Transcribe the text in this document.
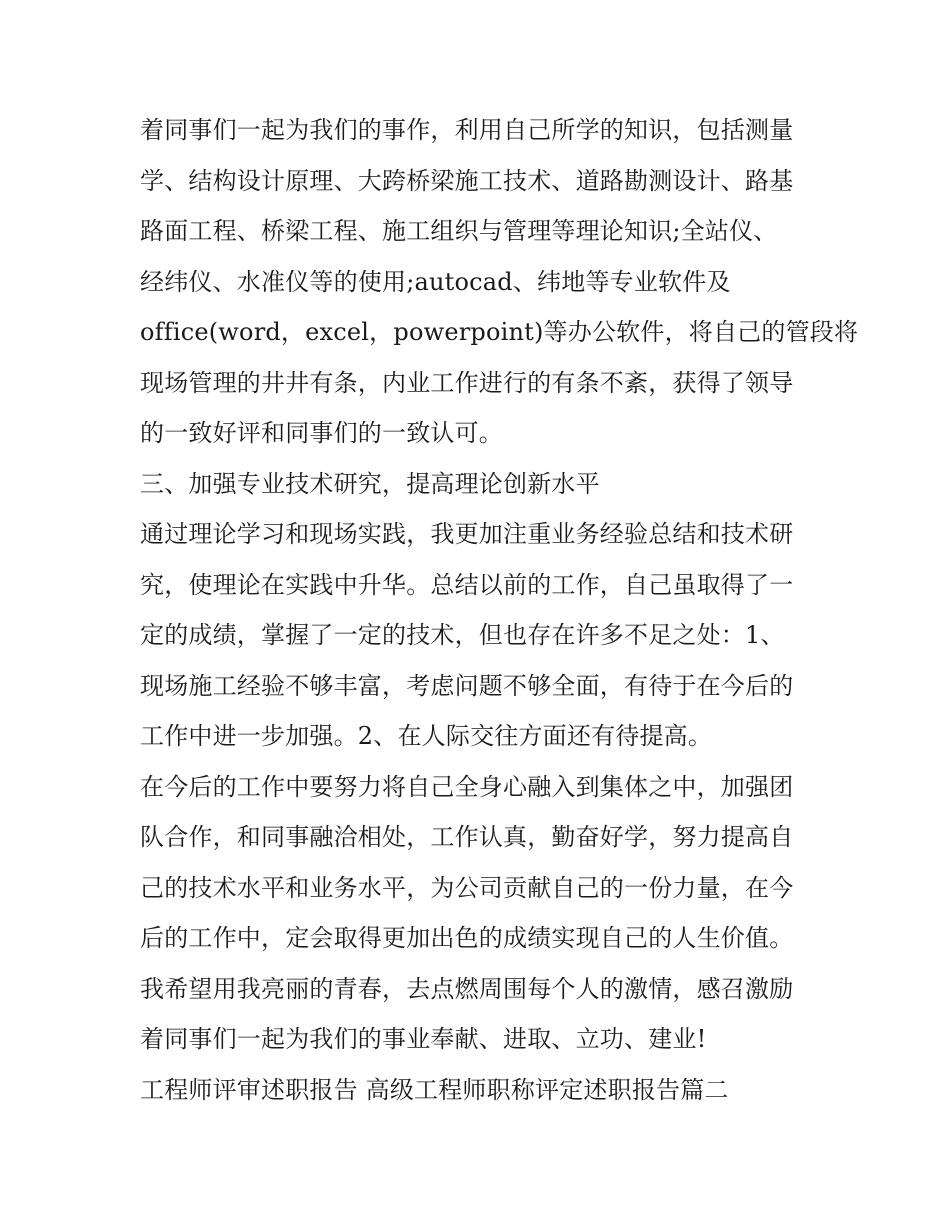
着同事们一起为我们的事作，利用自己所学的知识，包括测量
学、结构设计原理、大跨桥梁施工技术、道路勘测设计、路基
路面工程、桥梁工程、施工组织与管理等理论知识;全站仪、
经纬仪、水准仪等的使用;autocad、纬地等专业软件及
office(word，excel，powerpoint)等办公软件，将自己的管段将
现场管理的井井有条，内业工作进行的有条不紊，获得了领导
的一致好评和同事们的一致认可。
三、加强专业技术研究，提高理论创新水平
通过理论学习和现场实践，我更加注重业务经验总结和技术研
究，使理论在实践中升华。总结以前的工作，自己虽取得了一
定的成绩，掌握了一定的技术，但也存在许多不足之处：1、
现场施工经验不够丰富，考虑问题不够全面，有待于在今后的
工作中进一步加强。2、在人际交往方面还有待提高。
在今后的工作中要努力将自己全身心融入到集体之中，加强团
队合作，和同事融洽相处，工作认真，勤奋好学，努力提高自
己的技术水平和业务水平，为公司贡献自己的一份力量，在今
后的工作中，定会取得更加出色的成绩实现自己的人生价值。
我希望用我亮丽的青春，去点燃周围每个人的激情，感召激励
着同事们一起为我们的事业奉献、进取、立功、建业!
工程师评审述职报告 高级工程师职称评定述职报告篇二
